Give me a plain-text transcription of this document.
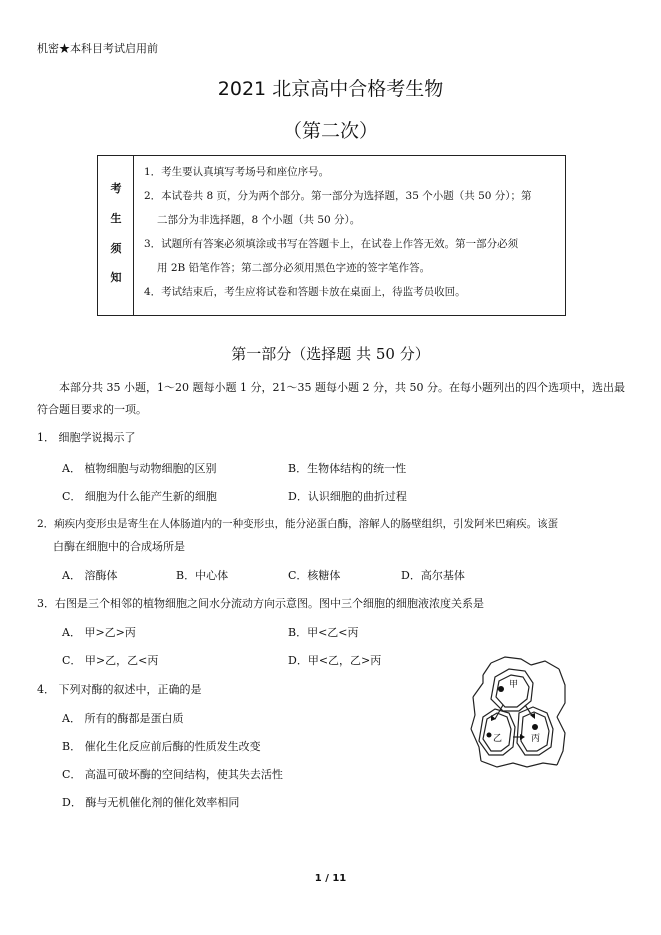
机密★本科目考试启用前
2021 北京高中合格考生物
（第二次）
考
生
须
知
1．考生要认真填写考场号和座位序号。
2．本试卷共 8 页，分为两个部分。第一部分为选择题，35 个小题（共 50 分）；第
二部分为非选择题，8 个小题（共 50 分）。
3．试题所有答案必须填涂或书写在答题卡上，在试卷上作答无效。第一部分必须
用 2B 铅笔作答；第二部分必须用黑色字迹的签字笔作答。
4．考试结束后，考生应将试卷和答题卡放在桌面上，待监考员收回。
第一部分（选择题 共 50 分）
本部分共 35 小题，1～20 题每小题 1 分，21～35 题每小题 2 分，共 50 分。在每小题列出的四个选项中，选出最符合题目要求的一项。
1． 细胞学说揭示了
A． 植物细胞与动物细胞的区别	B．生物体结构的统一性
C． 细胞为什么能产生新的细胞	D．认识细胞的曲折过程
2．痢疾内变形虫是寄生在人体肠道内的一种变形虫，能分泌蛋白酶，溶解人的肠壁组织，引发阿米巴痢疾。该蛋
白酶在细胞中的合成场所是
A． 溶酶体	B．中心体	C．核糖体	D．高尔基体
3．右图是三个相邻的植物细胞之间水分流动方向示意图。图中三个细胞的细胞液浓度关系是
A． 甲>乙>丙	B．甲<乙<丙
C． 甲>乙，乙<丙	D．甲<乙，乙>丙
4． 下列对酶的叙述中，正确的是
A． 所有的酶都是蛋白质
B． 催化生化反应前后酶的性质发生改变
C． 高温可破坏酶的空间结构，使其失去活性
D． 酶与无机催化剂的催化效率相同
甲
乙	丙
1 / 11
